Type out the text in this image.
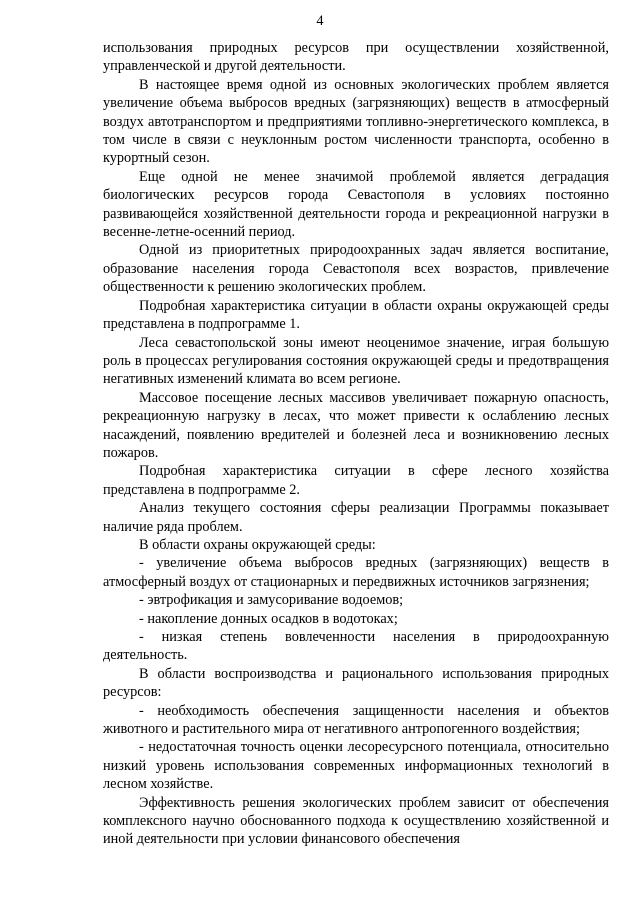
4

использования природных ресурсов при осуществлении хозяйственной, управленческой и другой деятельности.

В настоящее время одной из основных экологических проблем является увеличение объема выбросов вредных (загрязняющих) веществ в атмосферный воздух автотранспортом и предприятиями топливно-энергетического комплекса, в том числе в связи с неуклонным ростом численности транспорта, особенно в курортный сезон.

Еще одной не менее значимой проблемой является деградация биологических ресурсов города Севастополя в условиях постоянно развивающейся хозяйственной деятельности города и рекреационной нагрузки в весенне-летне-осенний период.

Одной из приоритетных природоохранных задач является воспитание, образование населения города Севастополя всех возрастов, привлечение общественности к решению экологических проблем.

Подробная характеристика ситуации в области охраны окружающей среды представлена в подпрограмме 1.

Леса севастопольской зоны имеют неоценимое значение, играя большую роль в процессах регулирования состояния окружающей среды и предотвращения негативных изменений климата во всем регионе.

Массовое посещение лесных массивов увеличивает пожарную опасность, рекреационную нагрузку в лесах, что может привести к ослаблению лесных насаждений, появлению вредителей и болезней леса и возникновению лесных пожаров.

Подробная характеристика ситуации в сфере лесного хозяйства представлена в подпрограмме 2.

Анализ текущего состояния сферы реализации Программы показывает наличие ряда проблем.

В области охраны окружающей среды:

- увеличение объема выбросов вредных (загрязняющих) веществ в атмосферный воздух от стационарных и передвижных источников загрязнения;

- эвтрофикация и замусоривание водоемов;

- накопление донных осадков в водотоках;

- низкая степень вовлеченности населения в природоохранную деятельность.

В области воспроизводства и рационального использования природных ресурсов:

- необходимость обеспечения защищенности населения и объектов животного и растительного мира от негативного антропогенного воздействия;

- недостаточная точность оценки лесоресурсного потенциала, относительно низкий уровень использования современных информационных технологий в лесном хозяйстве.

Эффективность решения экологических проблем зависит от обеспечения комплексного научно обоснованного подхода к осуществлению хозяйственной и иной деятельности при условии финансового обеспечения
